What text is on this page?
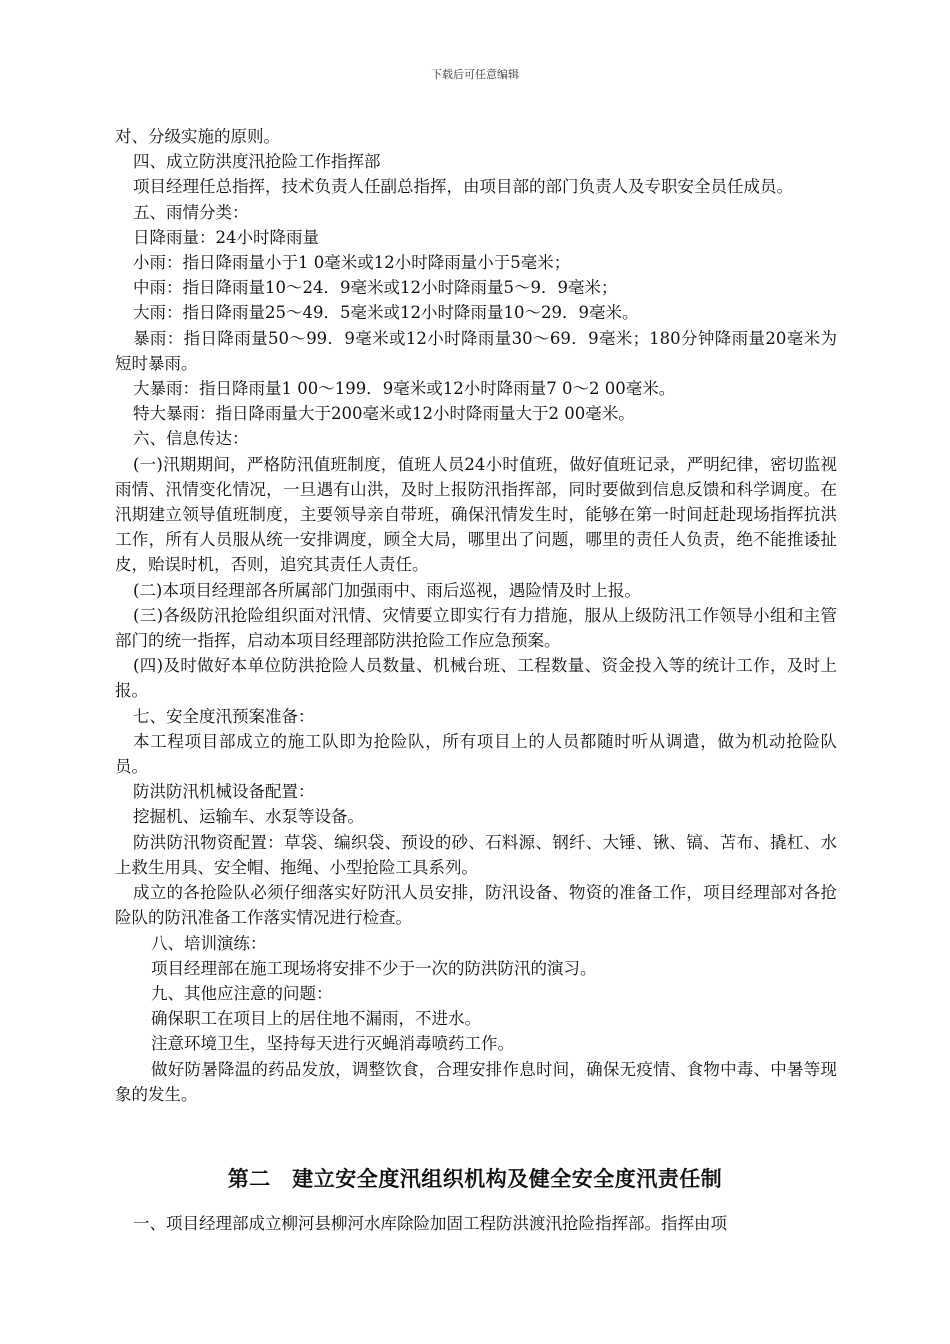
下载后可任意编辑

对、分级实施的原则。

四、成立防洪度汛抢险工作指挥部

项目经理任总指挥，技术负责人任副总指挥，由项目部的部门负责人及专职安全员任成员。

五、雨情分类：

日降雨量：24小时降雨量

小雨：指日降雨量小于1 0毫米或12小时降雨量小于5毫米；

中雨：指日降雨量10～24．9毫米或12小时降雨量5～9．9毫米；

大雨：指日降雨量25～49．5毫米或12小时降雨量10～29．9毫米。

暴雨：指日降雨量50～99．9毫米或12小时降雨量30～69．9毫米；180分钟降雨量20毫米为短时暴雨。

大暴雨：指日降雨量1 00～199．9毫米或12小时降雨量7 0～2 00毫米。

特大暴雨：指日降雨量大于200毫米或12小时降雨量大于2 00毫米。

六、信息传达：

(一)汛期期间，严格防汛值班制度，值班人员24小时值班，做好值班记录，严明纪律，密切监视雨情、汛情变化情况，一旦遇有山洪，及时上报防汛指挥部，同时要做到信息反馈和科学调度。在汛期建立领导值班制度，主要领导亲自带班，确保汛情发生时，能够在第一时间赶赴现场指挥抗洪工作，所有人员服从统一安排调度，顾全大局，哪里出了问题，哪里的责任人负责，绝不能推诿扯皮，贻误时机，否则，追究其责任人责任。

(二)本项目经理部各所属部门加强雨中、雨后巡视，遇险情及时上报。

(三)各级防汛抢险组织面对汛情、灾情要立即实行有力措施，服从上级防汛工作领导小组和主管部门的统一指挥，启动本项目经理部防洪抢险工作应急预案。

(四)及时做好本单位防洪抢险人员数量、机械台班、工程数量、资金投入等的统计工作，及时上报。

七、安全度汛预案准备：

本工程项目部成立的施工队即为抢险队，所有项目上的人员都随时听从调遣，做为机动抢险队员。

防洪防汛机械设备配置：

挖掘机、运输车、水泵等设备。

防洪防汛物资配置：草袋、编织袋、预设的砂、石料源、钢纤、大锤、锹、镐、苫布、撬杠、水上救生用具、安全帽、拖绳、小型抢险工具系列。

成立的各抢险队必须仔细落实好防汛人员安排，防汛设备、物资的准备工作，项目经理部对各抢险队的防汛准备工作落实情况进行检查。

八、培训演练：

项目经理部在施工现场将安排不少于一次的防洪防汛的演习。

九、其他应注意的问题：

确保职工在项目上的居住地不漏雨，不进水。

注意环境卫生，坚持每天进行灭蝇消毒喷药工作。

做好防暑降温的药品发放，调整饮食，合理安排作息时间，确保无疫情、食物中毒、中暑等现象的发生。

第二　建立安全度汛组织机构及健全安全度汛责任制

一、项目经理部成立柳河县柳河水库除险加固工程防洪渡汛抢险指挥部。指挥由项
